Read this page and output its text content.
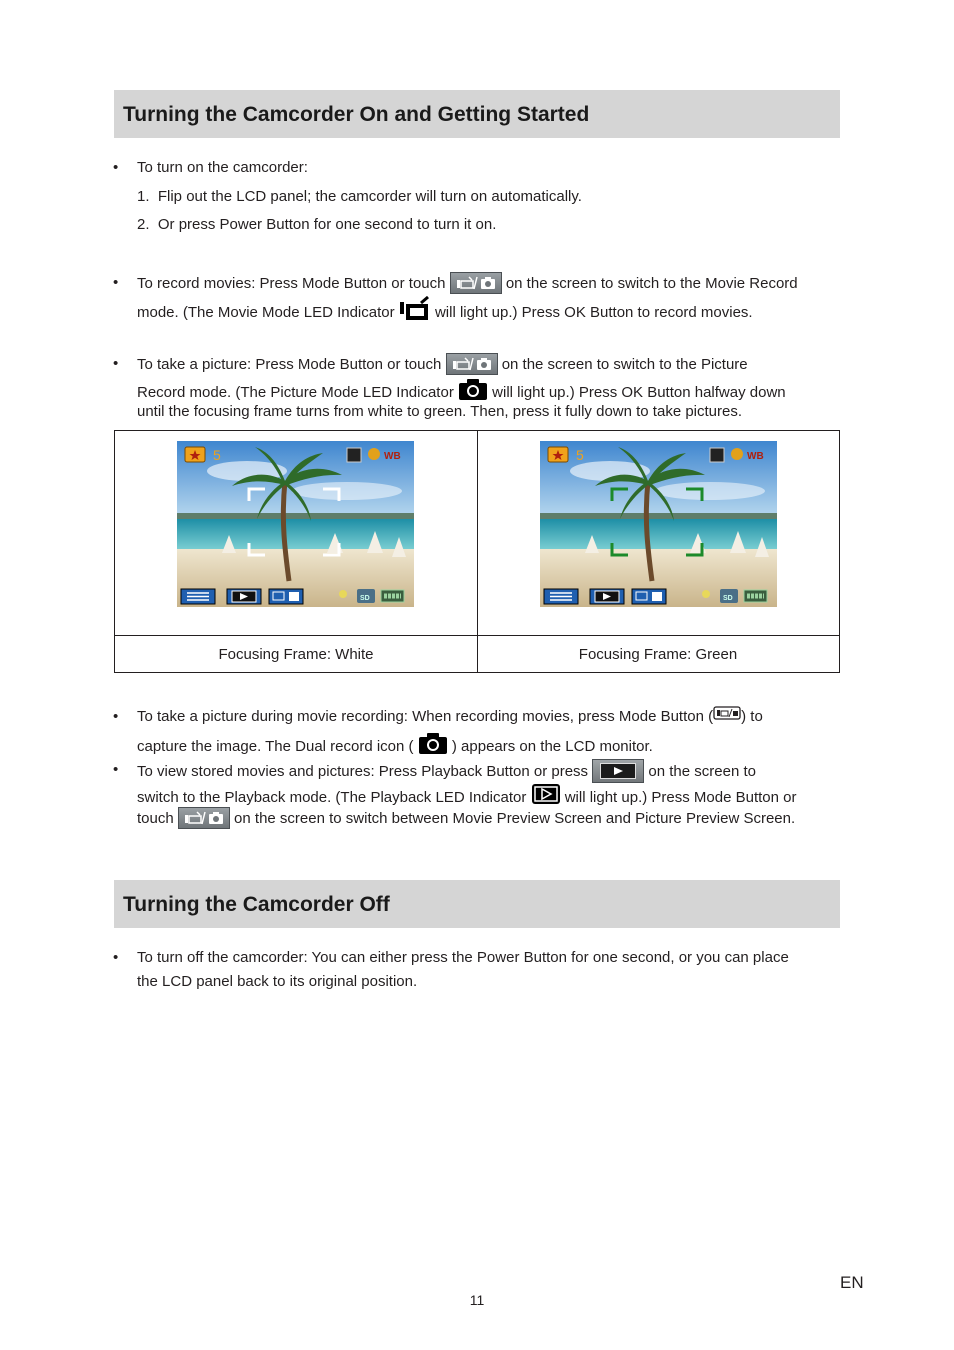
Turning the Camcorder On and Getting Started
• To turn on the camcorder:
1. Flip out the LCD panel; the camcorder will turn on automatically.
2. Or press Power Button for one second to turn it on.
• To record movies: Press Mode Button or touch	on the screen to switch to the Movie Record
mode. (The Movie Mode LED Indicator	will light up.) Press OK Button to record movies.
• To take a picture: Press Mode Button or touch	on the screen to switch to the Picture
Record mode. (The Picture Mode LED Indicator	will light up.) Press OK Button halfway down
until the focusing frame turns from white to green. Then, press it fully down to take pictures.
5	WB
SD
5	WB
SD
Focusing Frame: White	Focusing Frame: Green
• To take a picture during movie recording: When recording movies, press Mode Button ( ) to
capture the image. The Dual record icon (	) appears on the LCD monitor.
• To view stored movies and pictures: Press Playback Button or press	on the screen to
switch to the Playback mode. (The Playback LED Indicator	will light up.) Press Mode Button or
touch	on the screen to switch between Movie Preview Screen and Picture Preview Screen.
Turning the Camcorder Off
• To turn off the camcorder: You can either press the Power Button for one second, or you can place
the LCD panel back to its original position.
EN
11
